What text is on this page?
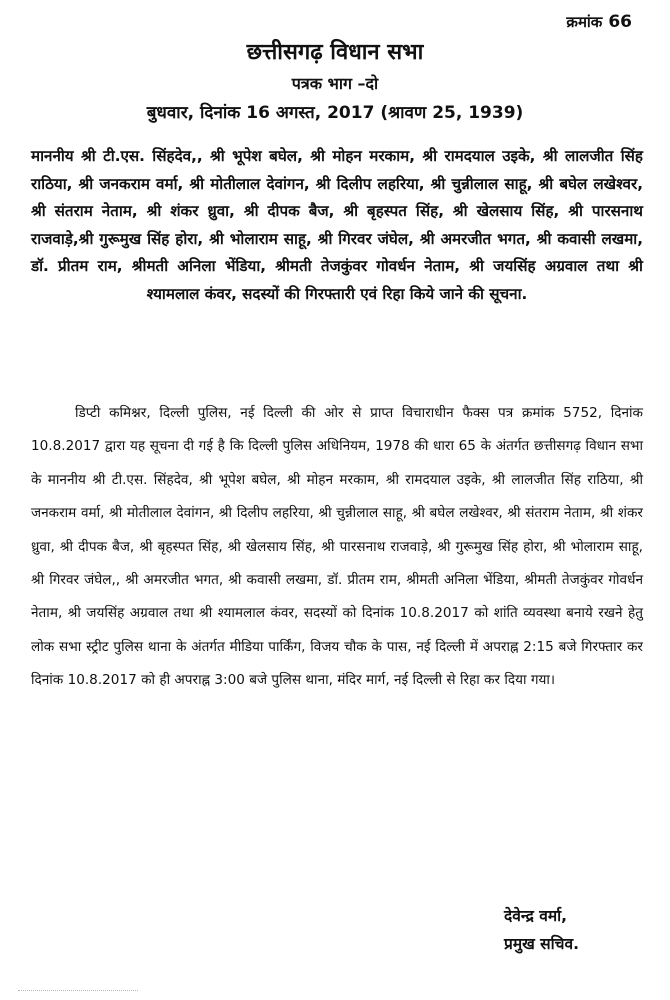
क्रमांक 66
छत्तीसगढ़ विधान सभा
पत्रक भाग –दो
बुधवार, दिनांक 16 अगस्त, 2017 (श्रावण 25, 1939)
माननीय श्री टी.एस. सिंहदेव,, श्री भूपेश बघेल, श्री मोहन मरकाम, श्री रामदयाल उइके, श्री लालजीत सिंह राठिया, श्री जनकराम वर्मा, श्री मोतीलाल देवांगन, श्री दिलीप लहरिया, श्री चुन्नीलाल साहू, श्री बघेल लखेश्वर, श्री संतराम नेताम, श्री शंकर ध्रुवा, श्री दीपक बैज, श्री बृहस्पत सिंह, श्री खेलसाय सिंह, श्री पारसनाथ राजवाड़े,श्री गुरूमुख सिंह होरा, श्री भोलाराम साहू, श्री गिरवर जंघेल, श्री अमरजीत भगत, श्री कवासी लखमा, डॉ. प्रीतम राम, श्रीमती अनिला भेंडिया, श्रीमती तेजकुंवर गोवर्धन नेताम, श्री जयसिंह अग्रवाल तथा श्री श्यामलाल कंवर, सदस्यों की गिरफ्तारी एवं रिहा किये जाने की सूचना.
डिप्टी कमिश्नर, दिल्ली पुलिस, नई दिल्ली की ओर से प्राप्त विचाराधीन फैक्स पत्र क्रमांक 5752, दिनांक 10.8.2017 द्वारा यह सूचना दी गई है कि दिल्ली पुलिस अधिनियम, 1978 की धारा 65 के अंतर्गत छत्तीसगढ़ विधान सभा के माननीय श्री टी.एस. सिंहदेव, श्री भूपेश बघेल, श्री मोहन मरकाम, श्री रामदयाल उइके, श्री लालजीत सिंह राठिया, श्री जनकराम वर्मा, श्री मोतीलाल देवांगन, श्री दिलीप लहरिया, श्री चुन्नीलाल साहू, श्री बघेल लखेश्वर, श्री संतराम नेताम, श्री शंकर ध्रुवा, श्री दीपक बैज, श्री बृहस्पत सिंह, श्री खेलसाय सिंह, श्री पारसनाथ राजवाड़े, श्री गुरूमुख सिंह होरा, श्री भोलाराम साहू, श्री गिरवर जंघेल,, श्री अमरजीत भगत, श्री कवासी लखमा, डॉ. प्रीतम राम, श्रीमती अनिला भेंडिया, श्रीमती तेजकुंवर गोवर्धन नेताम, श्री जयसिंह अग्रवाल तथा श्री श्यामलाल कंवर, सदस्यों को दिनांक 10.8.2017 को शांति व्यवस्था बनाये रखने हेतु लोक सभा स्ट्रीट पुलिस थाना के अंतर्गत मीडिया पार्किंग, विजय चौक के पास, नई दिल्ली में अपराह्न 2:15 बजे गिरफ्तार कर दिनांक 10.8.2017 को ही अपराह्न 3:00 बजे पुलिस थाना, मंदिर मार्ग, नई दिल्ली से रिहा कर दिया गया।
देवेन्द्र वर्मा,
प्रमुख सचिव.
